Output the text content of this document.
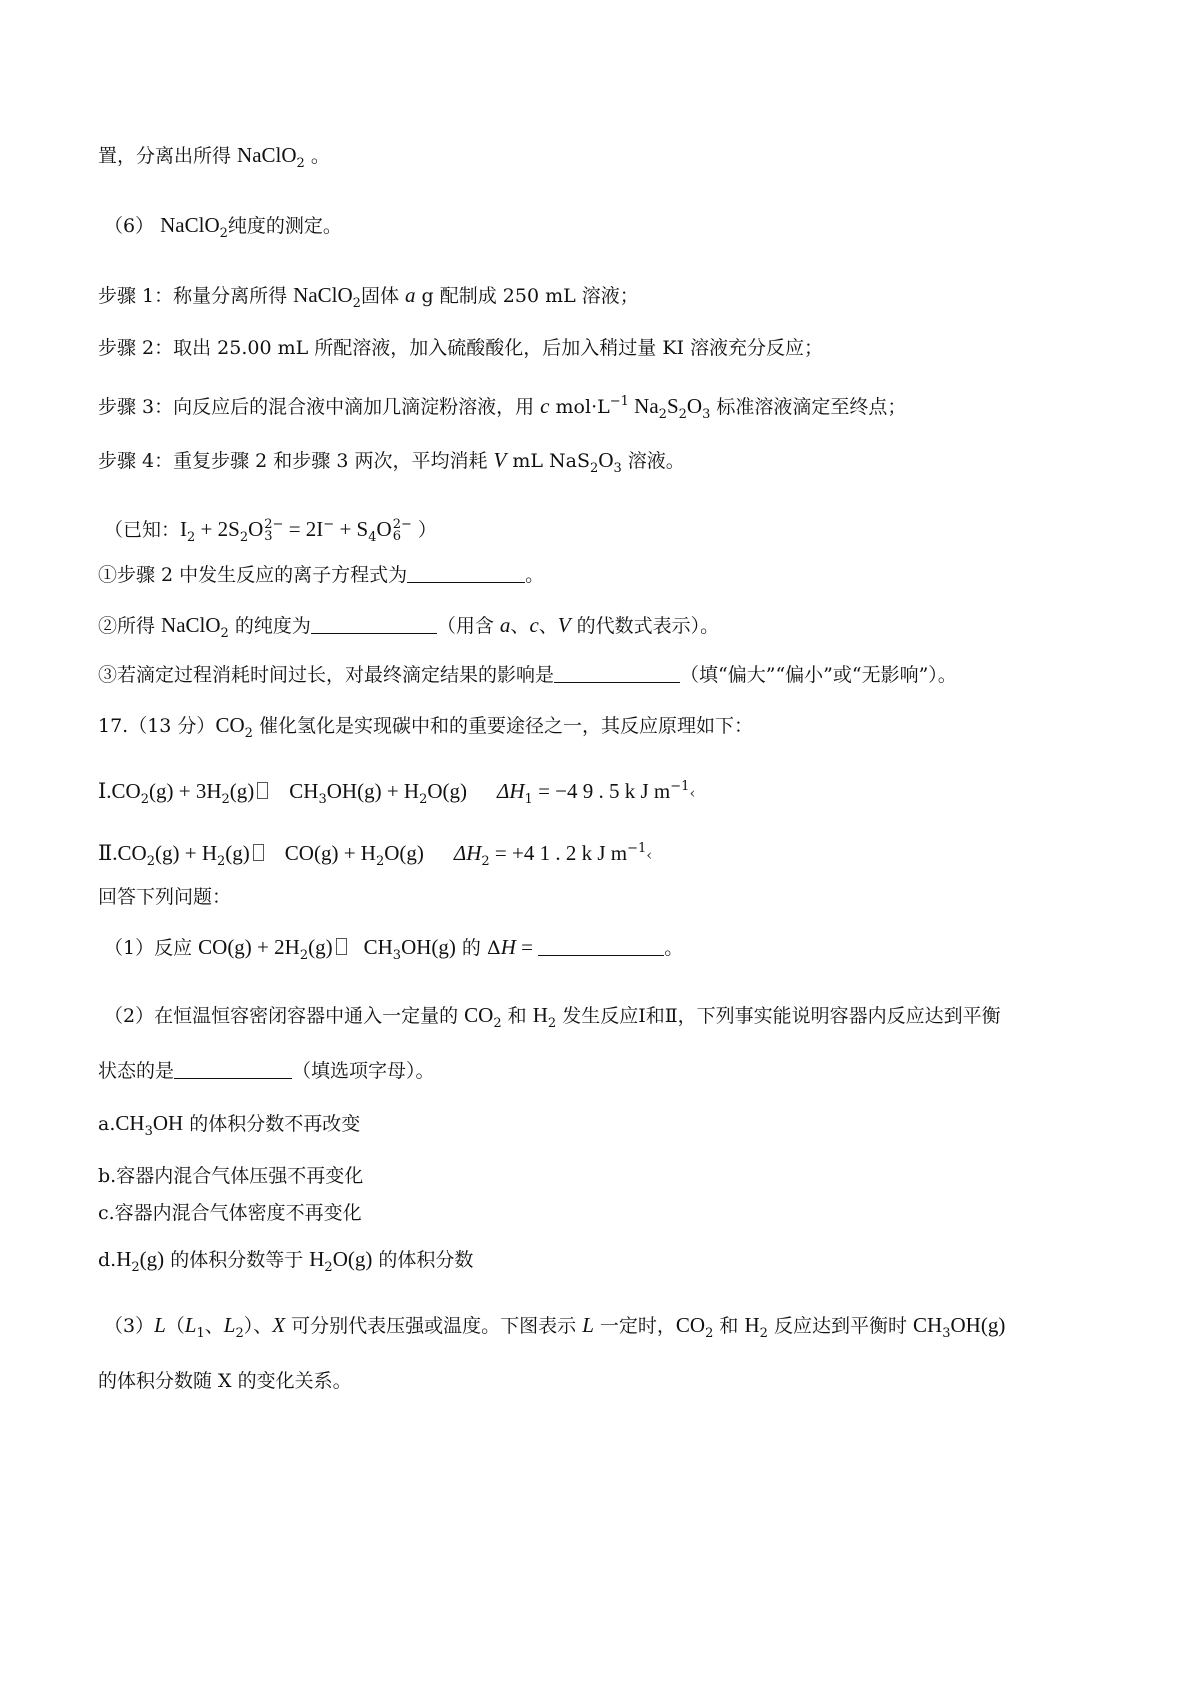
置，分离出所得 NaClO$_2$ 。
（6） NaClO$_2$纯度的测定。
步骤 1：称量分离所得 NaClO$_2$固体 a g 配制成 250 mL 溶液；
步骤 2：取出 25.00 mL 所配溶液，加入硫酸酸化，后加入稍过量 KI 溶液充分反应；
步骤 3：向反应后的混合液中滴加几滴淀粉溶液，用 c $mol\cdot L^{-1}$ $Na_2S_2O_3$ 标准溶液滴定至终点；
步骤 4：重复步骤 2 和步骤 3 两次，平均消耗 V mL $NaS_2O_3$ 溶液。
（已知：$I_2 + 2S_2O$ 2−
$3 = 2I^- + S_4O$ 2−
6 ）
①步骤 2 中发生反应的离子方程式为	。
②所得 NaClO$_2$ 的纯度为	（用含 a、c、V 的代数式表示）。
③若滴定过程消耗时间过长，对最终滴定结果的影响是	（填“偏大”“偏小”或“无影响”）。
17.（13 分）$CO_2$ 催化氢化是实现碳中和的重要途径之一，其反应原理如下：
$Ⅰ.CO_2(g) + 3H_2(g) CH_3OH(g) + H_2O(g) \Delta H_1 = -4$ 9 . 5 k J $m^{-1}‹$
$Ⅱ.CO_2(g) + H_2(g) CO(g) + H_2O(g) \Delta H_2 = +4$ 1 . 2 k J $m^{-1}‹$
回答下列问题：
（1）反应 $CO(g) + 2H_2(g)$ $CH_3OH(g)$ 的 ΔH =	。
（2）在恒温恒容密闭容器中通入一定量的 $CO_2$ 和 $H_2$ 发生反应Ⅰ和Ⅱ，下列事实能说明容器内反应达到平衡
状态的是	（填选项字母）。
$a.CH_3OH$ 的体积分数不再改变
b.容器内混合气体压强不再变化
c.容器内混合气体密度不再变化
$d.H_2(g)$ 的体积分数等于 $H_2O(g)$ 的体积分数
$(3)L(L_1$、$L_2$）、X 可分别代表压强或温度。下图表示 L 一定时，$CO_2$ 和 $H_2$ 反应达到平衡时 $CH_3OH(g)$
的体积分数随 X 的变化关系。
